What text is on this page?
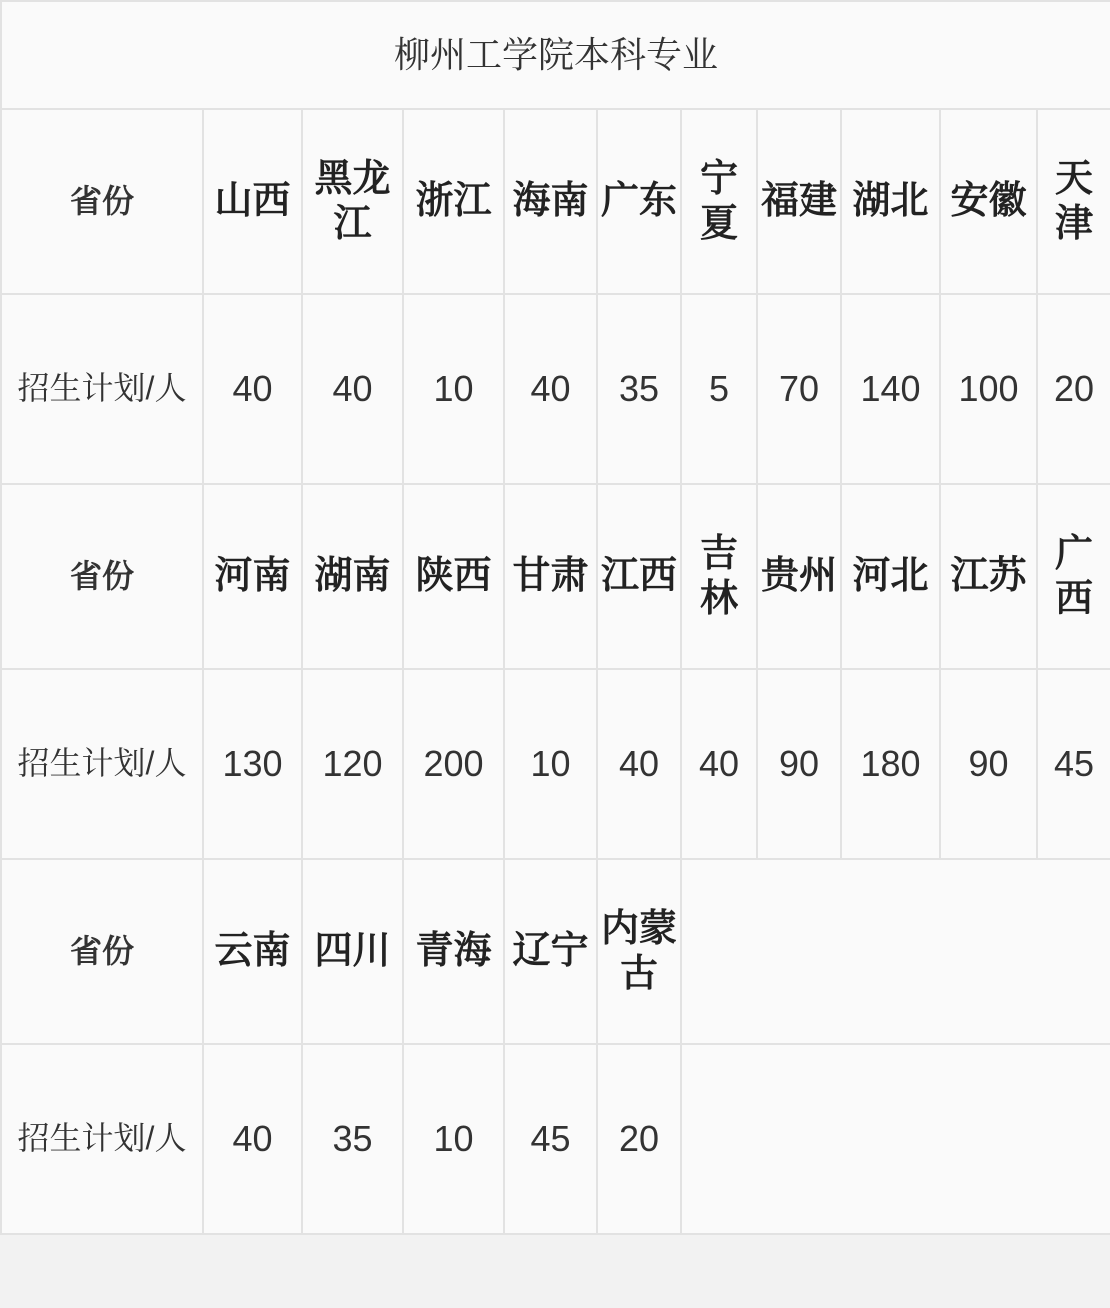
柳州工学院本科专业										
省份	山西	黑龙江	浙江	海南	广东	宁夏	福建	湖北	安徽	天津
招生计划/人	40	40	10	40	35	5	70	140	100	20
省份	河南	湖南	陕西	甘肃	江西	吉林	贵州	河北	江苏	广西
招生计划/人	130	120	200	10	40	40	90	180	90	45
省份	云南	四川	青海	辽宁	内蒙古					
招生计划/人	40	35	10	45	20					
